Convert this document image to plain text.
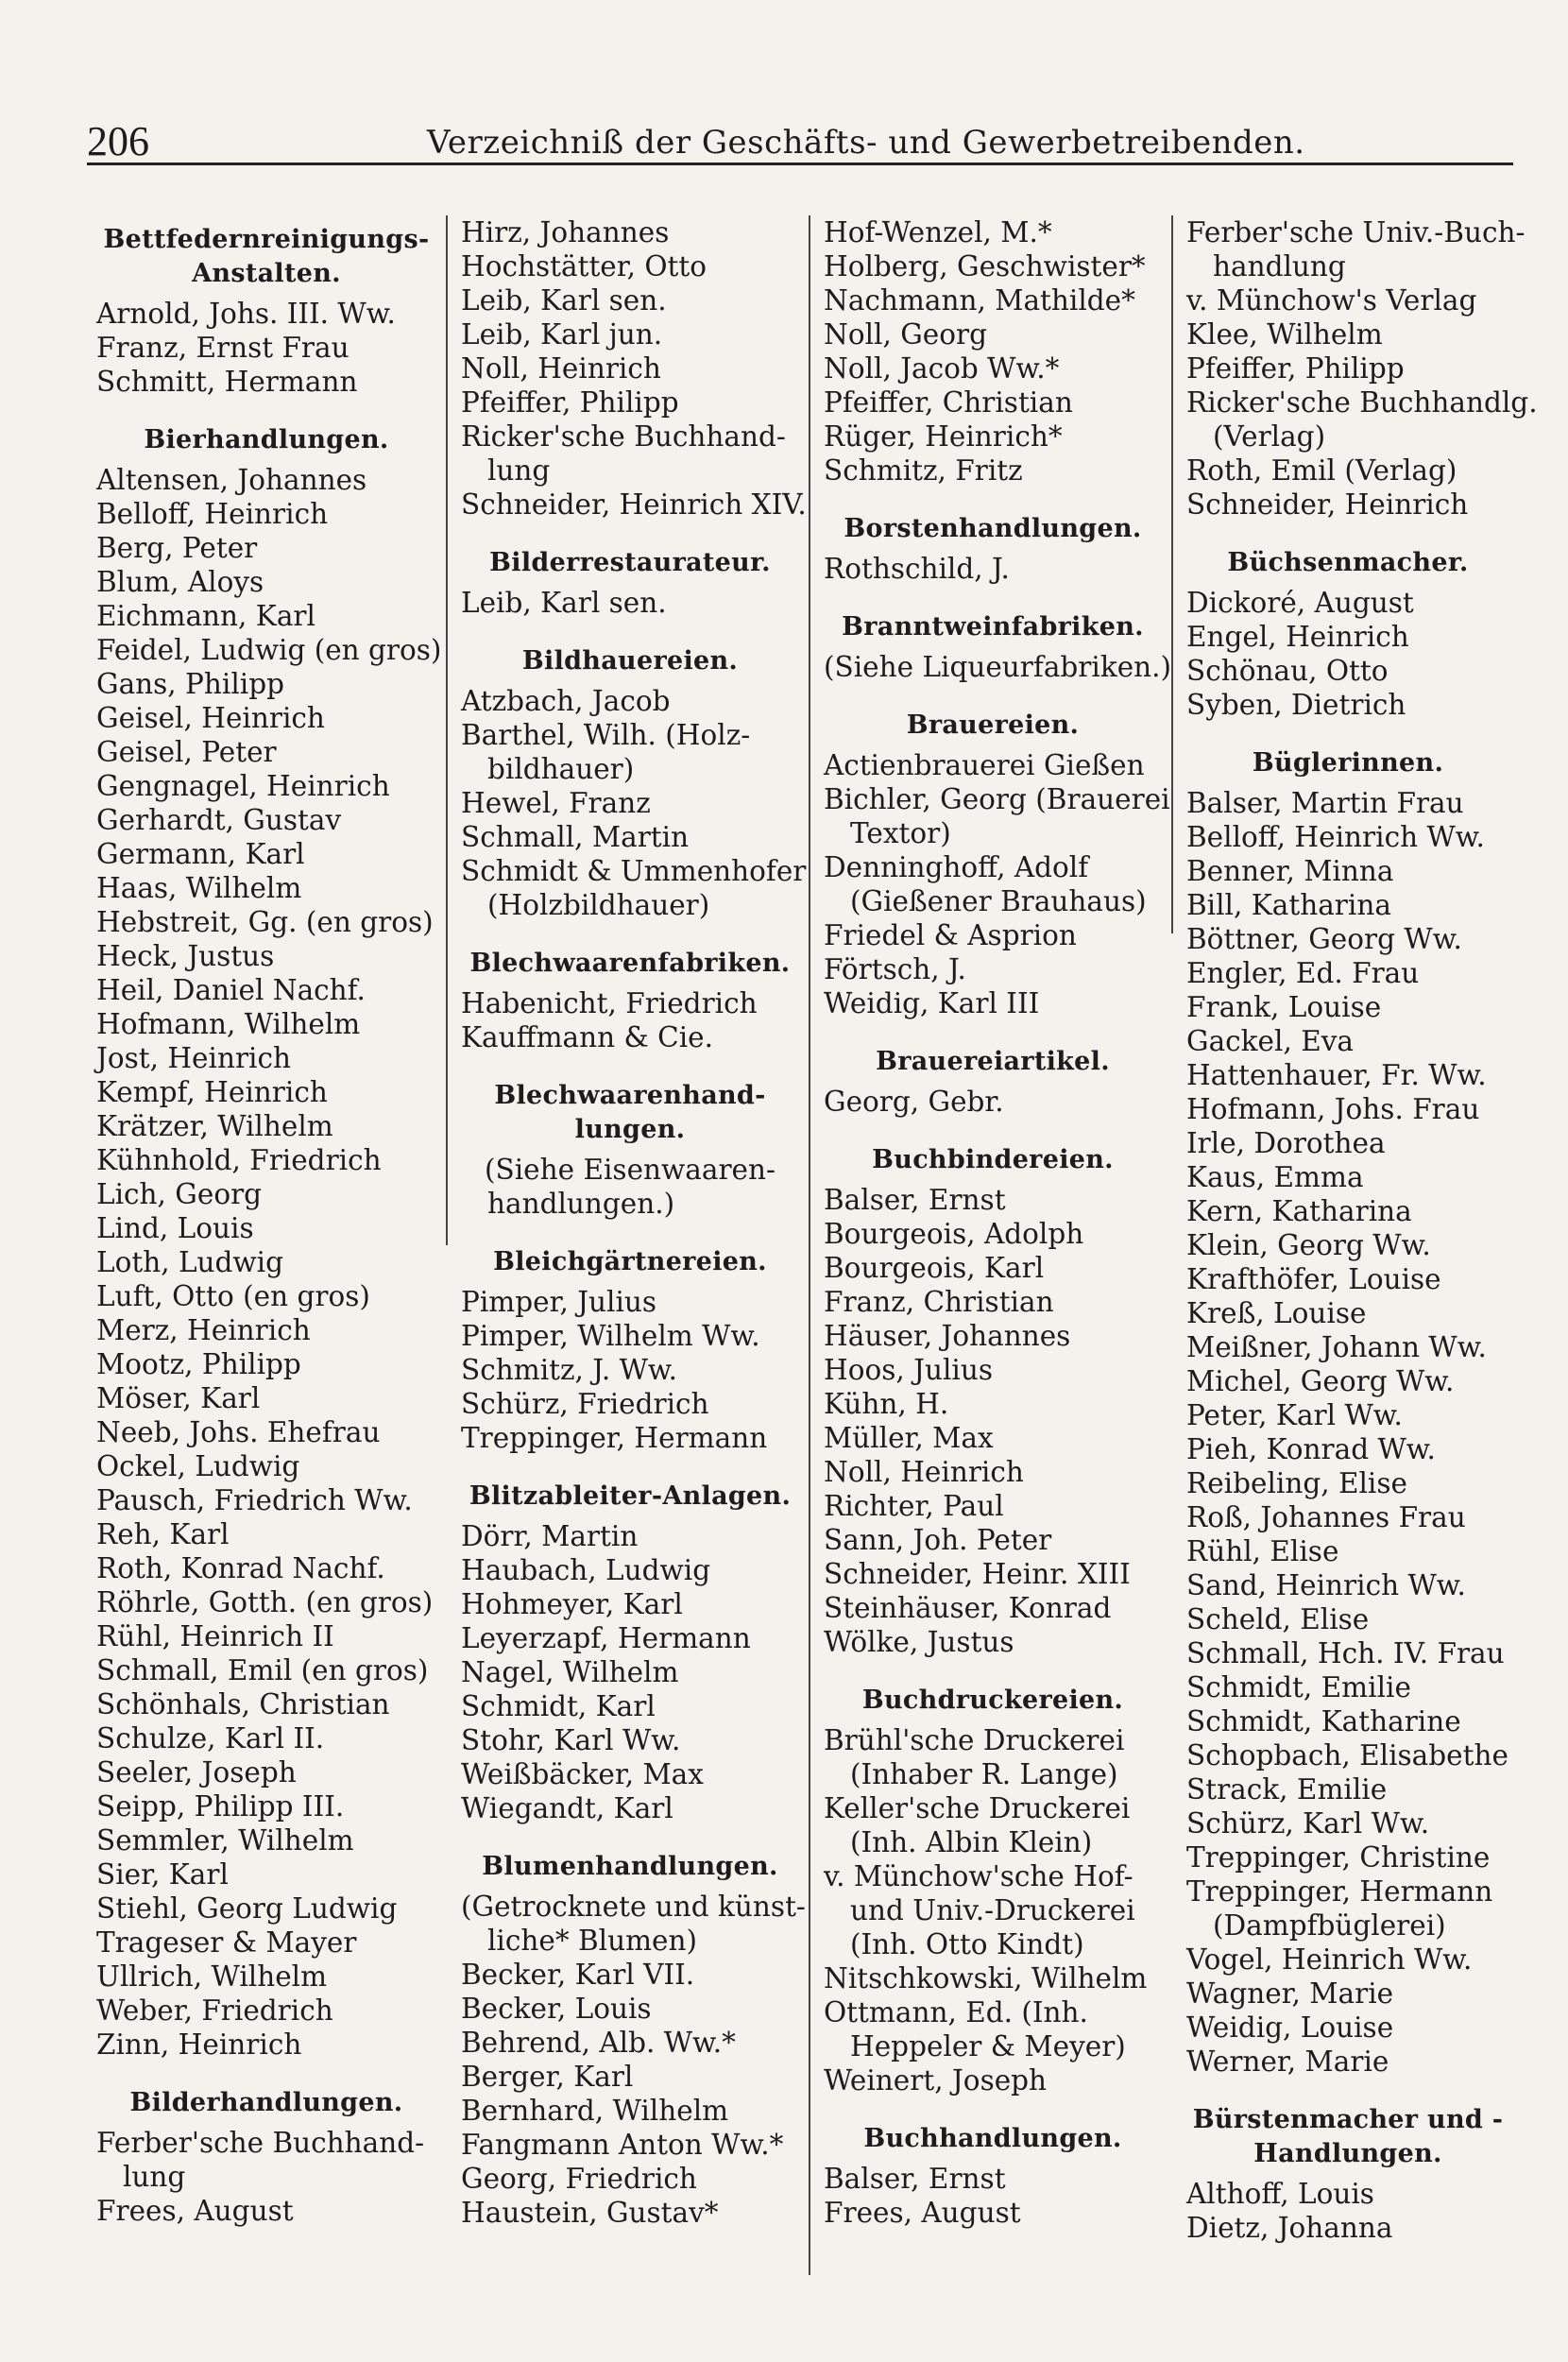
206	Verzeichniß der Geschäfts- und Gewerbetreibenden.
Bettfedernreinigungs-Anstalten.
Arnold, Johs. III. Ww.
Franz, Ernst Frau
Schmitt, Hermann
Bierhandlungen.
Altensen, Johannes
Belloff, Heinrich
Berg, Peter
Blum, Aloys
Eichmann, Karl
Feidel, Ludwig (en gros)
Gans, Philipp
Geisel, Heinrich
Geisel, Peter
Gengnagel, Heinrich
Gerhardt, Gustav
Germann, Karl
Haas, Wilhelm
Hebstreit, Gg. (en gros)
Heck, Justus
Heil, Daniel Nachf.
Hofmann, Wilhelm
Jost, Heinrich
Kempf, Heinrich
Krätzer, Wilhelm
Kühnhold, Friedrich
Lich, Georg
Lind, Louis
Loth, Ludwig
Luft, Otto (en gros)
Merz, Heinrich
Mootz, Philipp
Möser, Karl
Neeb, Johs. Ehefrau
Ockel, Ludwig
Pausch, Friedrich Ww.
Reh, Karl
Roth, Konrad Nachf.
Röhrle, Gotth. (en gros)
Rühl, Heinrich II
Schmall, Emil (en gros)
Schönhals, Christian
Schulze, Karl II.
Seeler, Joseph
Seipp, Philipp III.
Semmler, Wilhelm
Sier, Karl
Stiehl, Georg Ludwig
Trageser & Mayer
Ullrich, Wilhelm
Weber, Friedrich
Zinn, Heinrich
Bilderhandlungen.
Ferber'sche Buchhand-
lung
Frees, August
Hirz, Johannes
Hochstätter, Otto
Leib, Karl sen.
Leib, Karl jun.
Noll, Heinrich
Pfeiffer, Philipp
Ricker'sche Buchhand-
lung
Schneider, Heinrich XIV.
Bilderrestaurateur.
Leib, Karl sen.
Bildhauereien.
Atzbach, Jacob
Barthel, Wilh. (Holz-
bildhauer)
Hewel, Franz
Schmall, Martin
Schmidt & Ummenhofer
(Holzbildhauer)
Blechwaarenfabriken.
Habenicht, Friedrich
Kauffmann & Cie.
Blechwaarenhand-lungen.
(Siehe Eisenwaaren-
handlungen.)
Bleichgärtnereien.
Pimper, Julius
Pimper, Wilhelm Ww.
Schmitz, J. Ww.
Schürz, Friedrich
Treppinger, Hermann
Blitzableiter-Anlagen.
Dörr, Martin
Haubach, Ludwig
Hohmeyer, Karl
Leyerzapf, Hermann
Nagel, Wilhelm
Schmidt, Karl
Stohr, Karl Ww.
Weißbäcker, Max
Wiegandt, Karl
Blumenhandlungen.
(Getrocknete und künst-
liche* Blumen)
Becker, Karl VII.
Becker, Louis
Behrend, Alb. Ww.*
Berger, Karl
Bernhard, Wilhelm
Fangmann Anton Ww.*
Georg, Friedrich
Haustein, Gustav*
Hof-Wenzel, M.*
Holberg, Geschwister*
Nachmann, Mathilde*
Noll, Georg
Noll, Jacob Ww.*
Pfeiffer, Christian
Rüger, Heinrich*
Schmitz, Fritz
Borstenhandlungen.
Rothschild, J.
Branntweinfabriken.
(Siehe Liqueurfabriken.)
Brauereien.
Actienbrauerei Gießen
Bichler, Georg (Brauerei
Textor)
Denninghoff, Adolf
(Gießener Brauhaus)
Friedel & Asprion
Förtsch, J.
Weidig, Karl III
Brauereiartikel.
Georg, Gebr.
Buchbindereien.
Balser, Ernst
Bourgeois, Adolph
Bourgeois, Karl
Franz, Christian
Häuser, Johannes
Hoos, Julius
Kühn, H.
Müller, Max
Noll, Heinrich
Richter, Paul
Sann, Joh. Peter
Schneider, Heinr. XIII
Steinhäuser, Konrad
Wölke, Justus
Buchdruckereien.
Brühl'sche Druckerei
(Inhaber R. Lange)
Keller'sche Druckerei
(Inh. Albin Klein)
v. Münchow'sche Hof-
und Univ.-Druckerei
(Inh. Otto Kindt)
Nitschkowski, Wilhelm
Ottmann, Ed. (Inh.
Heppeler & Meyer)
Weinert, Joseph
Buchhandlungen.
Balser, Ernst
Frees, August
Ferber'sche Univ.-Buch-
handlung
v. Münchow's Verlag
Klee, Wilhelm
Pfeiffer, Philipp
Ricker'sche Buchhandlg.
(Verlag)
Roth, Emil (Verlag)
Schneider, Heinrich
Büchsenmacher.
Dickoré, August
Engel, Heinrich
Schönau, Otto
Syben, Dietrich
Büglerinnen.
Balser, Martin Frau
Belloff, Heinrich Ww.
Benner, Minna
Bill, Katharina
Böttner, Georg Ww.
Engler, Ed. Frau
Frank, Louise
Gackel, Eva
Hattenhauer, Fr. Ww.
Hofmann, Johs. Frau
Irle, Dorothea
Kaus, Emma
Kern, Katharina
Klein, Georg Ww.
Krafthöfer, Louise
Kreß, Louise
Meißner, Johann Ww.
Michel, Georg Ww.
Peter, Karl Ww.
Pieh, Konrad Ww.
Reibeling, Elise
Roß, Johannes Frau
Rühl, Elise
Sand, Heinrich Ww.
Scheld, Elise
Schmall, Hch. IV. Frau
Schmidt, Emilie
Schmidt, Katharine
Schopbach, Elisabethe
Strack, Emilie
Schürz, Karl Ww.
Treppinger, Christine
Treppinger, Hermann
(Dampfbüglerei)
Vogel, Heinrich Ww.
Wagner, Marie
Weidig, Louise
Werner, Marie
Bürstenmacher und -Handlungen.
Althoff, Louis
Dietz, Johanna
